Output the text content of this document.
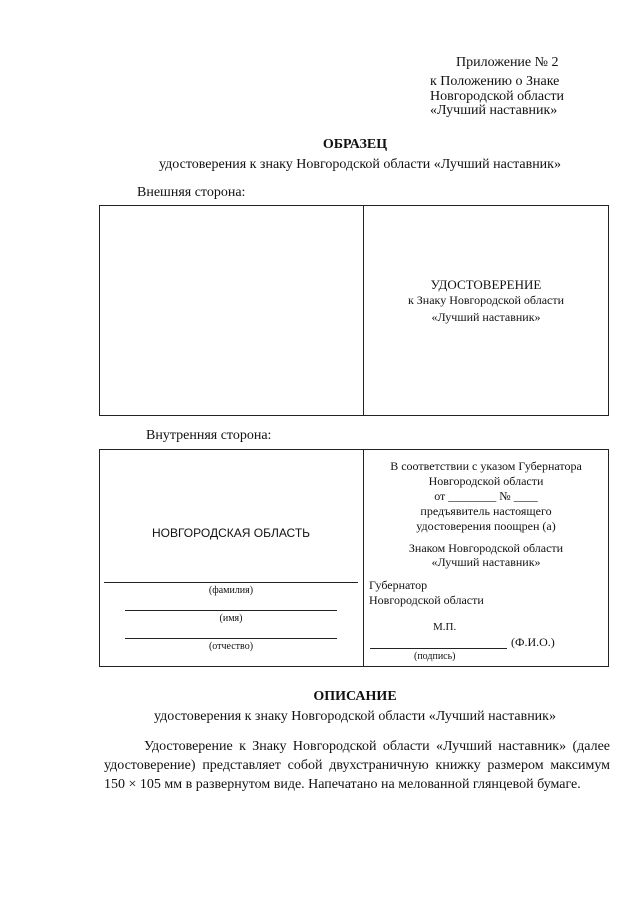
Приложение № 2
к Положению о Знаке
Новгородской области
«Лучший наставник»
ОБРАЗЕЦ
удостоверения к знаку Новгородской области «Лучший наставник»
Внешняя сторона:
УДОСТОВЕРЕНИЕ
к Знаку Новгородской области
«Лучший наставник»
Внутренняя сторона:
НОВГОРОДСКАЯ ОБЛАСТЬ
(фамилия)
(имя)
(отчество)
В соответствии с указом Губернатора
Новгородской области
от ________ № ____
предъявитель настоящего
удостоверения поощрен (а)
Знаком Новгородской области
«Лучший наставник»
Губернатор
Новгородской области
М.П.
(Ф.И.О.)
(подпись)
ОПИСАНИЕ
удостоверения к знаку Новгородской области «Лучший наставник»
Удостоверение к Знаку Новгородской области «Лучший наставник» (далее удостоверение) представляет собой двухстраничную книжку размером максимум 150 × 105 мм в развернутом виде. Напечатано на мелованной глянцевой бумаге.
